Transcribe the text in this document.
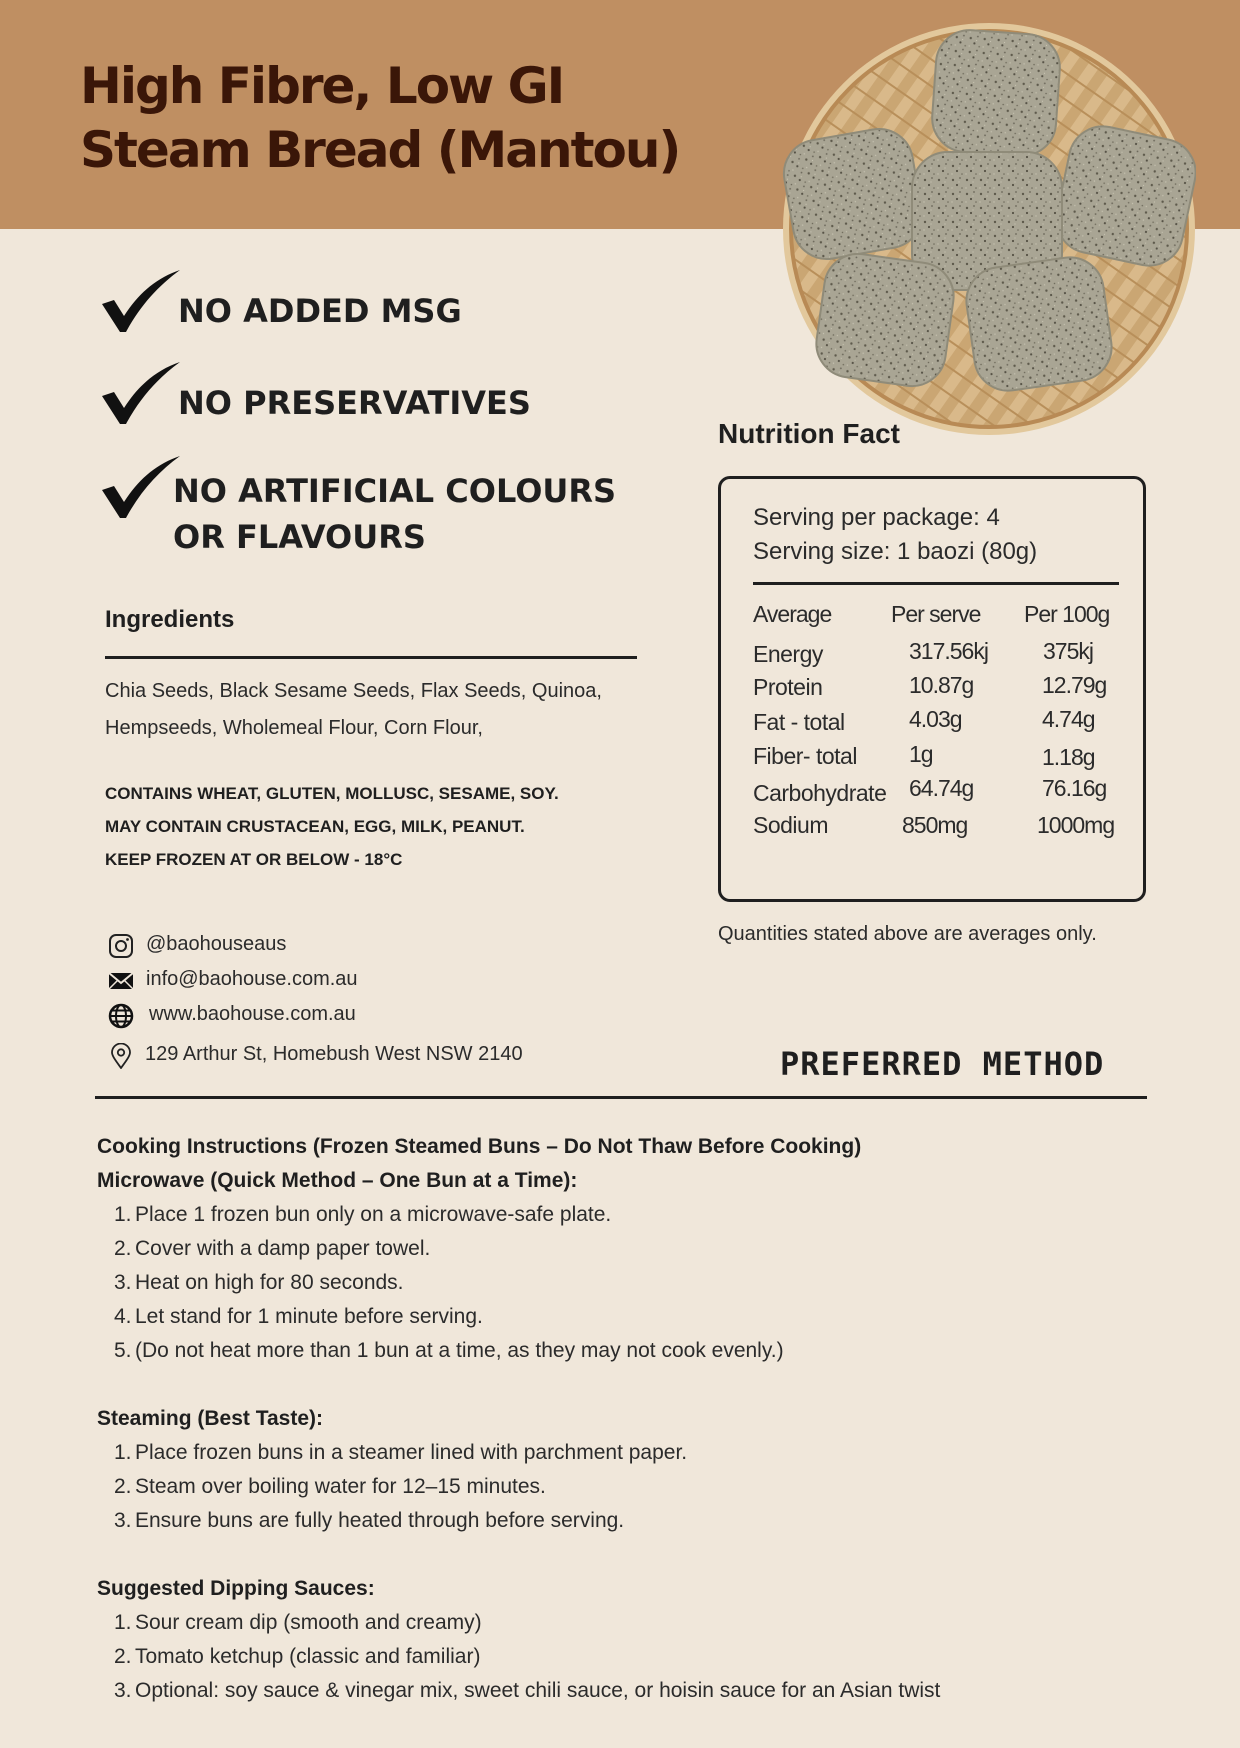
High Fibre, Low GI
Steam Bread (Mantou)
NO ADDED MSG
NO PRESERVATIVES
NO ARTIFICIAL COLOURS
OR FLAVOURS
Ingredients
Chia Seeds, Black Sesame Seeds, Flax Seeds, Quinoa,
Hempseeds, Wholemeal Flour, Corn Flour,
CONTAINS WHEAT, GLUTEN, MOLLUSC, SESAME, SOY.
MAY CONTAIN CRUSTACEAN, EGG, MILK, PEANUT.
KEEP FROZEN AT OR BELOW - 18°C
@baohouseaus
info@baohouse.com.au
www.baohouse.com.au
129 Arthur St, Homebush West NSW 2140
Nutrition Fact
Serving per package: 4
Serving size: 1 baozi (80g)
Average	Per serve Per 100g
Energy	317.56kj 375kj
Protein	10.87g	12.79g
Fat - total	4.03g	4.74g
Fiber- total 1g	1.18g
Carbohydrate 64.74g	76.16g
Sodium	850mg	1000mg
Quantities stated above are averages only.
PREFERRED METHOD
Cooking Instructions (Frozen Steamed Buns – Do Not Thaw Before Cooking)
Microwave (Quick Method – One Bun at a Time):
1. Place 1 frozen bun only on a microwave-safe plate.
2. Cover with a damp paper towel.
3. Heat on high for 80 seconds.
4. Let stand for 1 minute before serving.
5. (Do not heat more than 1 bun at a time, as they may not cook evenly.)
Steaming (Best Taste):
1. Place frozen buns in a steamer lined with parchment paper.
2. Steam over boiling water for 12–15 minutes.
3. Ensure buns are fully heated through before serving.
Suggested Dipping Sauces:
1. Sour cream dip (smooth and creamy)
2. Tomato ketchup (classic and familiar)
3. Optional: soy sauce & vinegar mix, sweet chili sauce, or hoisin sauce for an Asian twist
